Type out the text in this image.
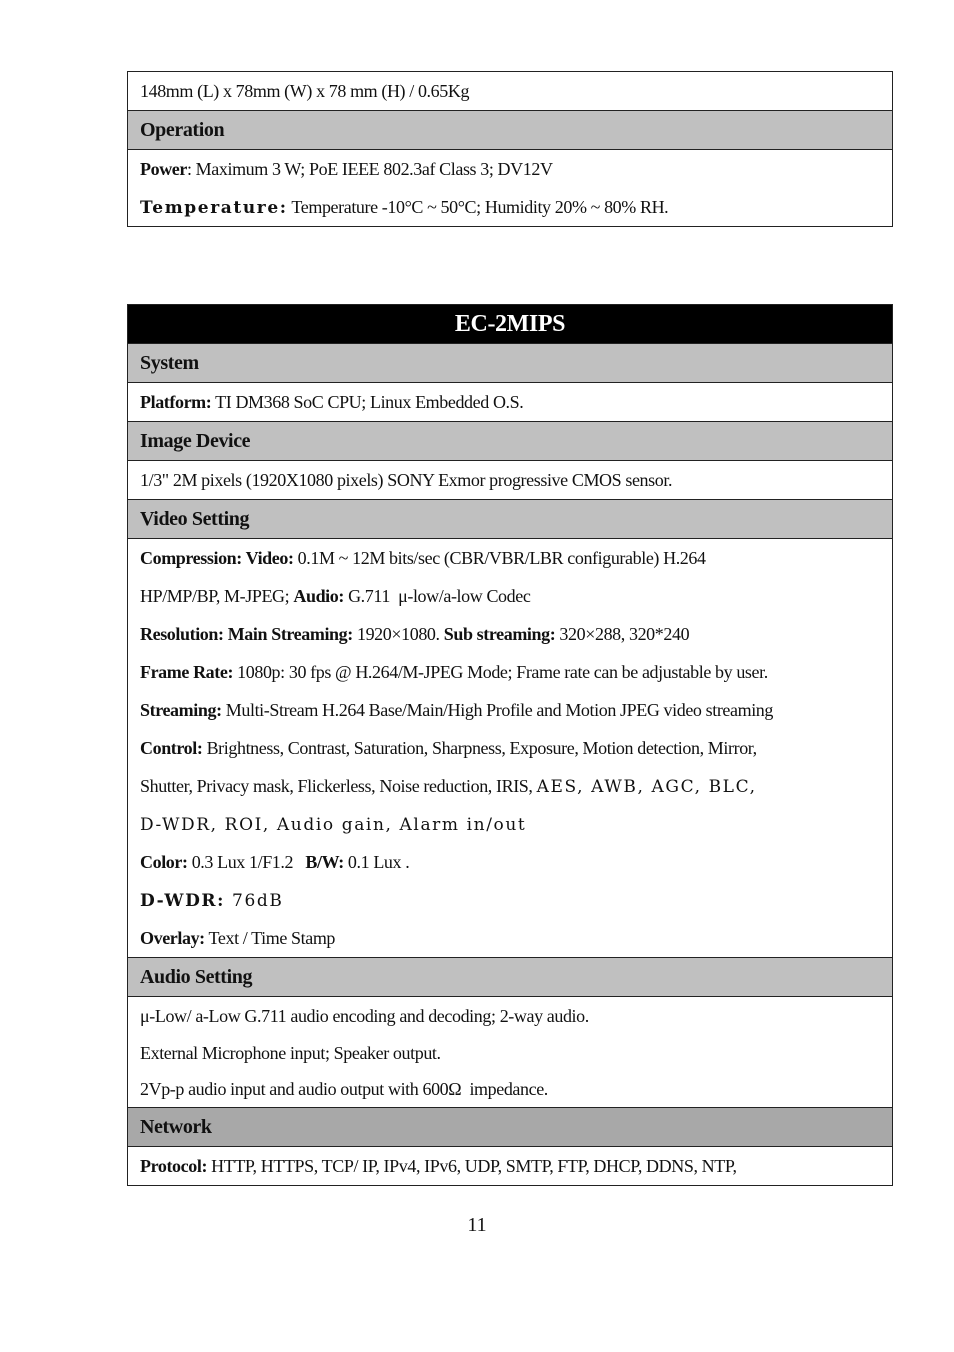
148mm (L) x 78mm (W) x 78 mm (H) / 0.65Kg

Operation

Power: Maximum 3 W; PoE IEEE 802.3af Class 3; DV12V
Temperature: Temperature -10°C ~ 50°C; Humidity 20% ~ 80% RH.
EC-2MIPS
System

Platform: TI DM368 SoC CPU; Linux Embedded O.S.

Image Device

1/3" 2M pixels (1920X1080 pixels) SONY Exmor progressive CMOS sensor.

Video Setting

Compression: Video: 0.1M ~ 12M bits/sec (CBR/VBR/LBR configurable) H.264
HP/MP/BP, M-JPEG; Audio: G.711  μ-low/a-low Codec
Resolution: Main Streaming: 1920×1080. Sub streaming: 320×288, 320*240
Frame Rate: 1080p: 30 fps @ H.264/M-JPEG Mode; Frame rate can be adjustable by user.
Streaming: Multi-Stream H.264 Base/Main/High Profile and Motion JPEG video streaming
Control: Brightness, Contrast, Saturation, Sharpness, Exposure, Motion detection, Mirror,
Shutter, Privacy mask, Flickerless, Noise reduction, IRIS, AES, AWB, AGC, BLC,
D-WDR, ROI, Audio gain, Alarm in/out
Color: 0.3 Lux 1/F1.2   B/W: 0.1 Lux .
D-WDR: 76dB
Overlay: Text / Time Stamp

Audio Setting

μ-Low/ a-Low G.711 audio encoding and decoding; 2-way audio.
External Microphone input; Speaker output.
2Vp-p audio input and audio output with 600Ω  impedance.

Network

Protocol: HTTP, HTTPS, TCP/ IP, IPv4, IPv6, UDP, SMTP, FTP, DHCP, DDNS, NTP,
11
